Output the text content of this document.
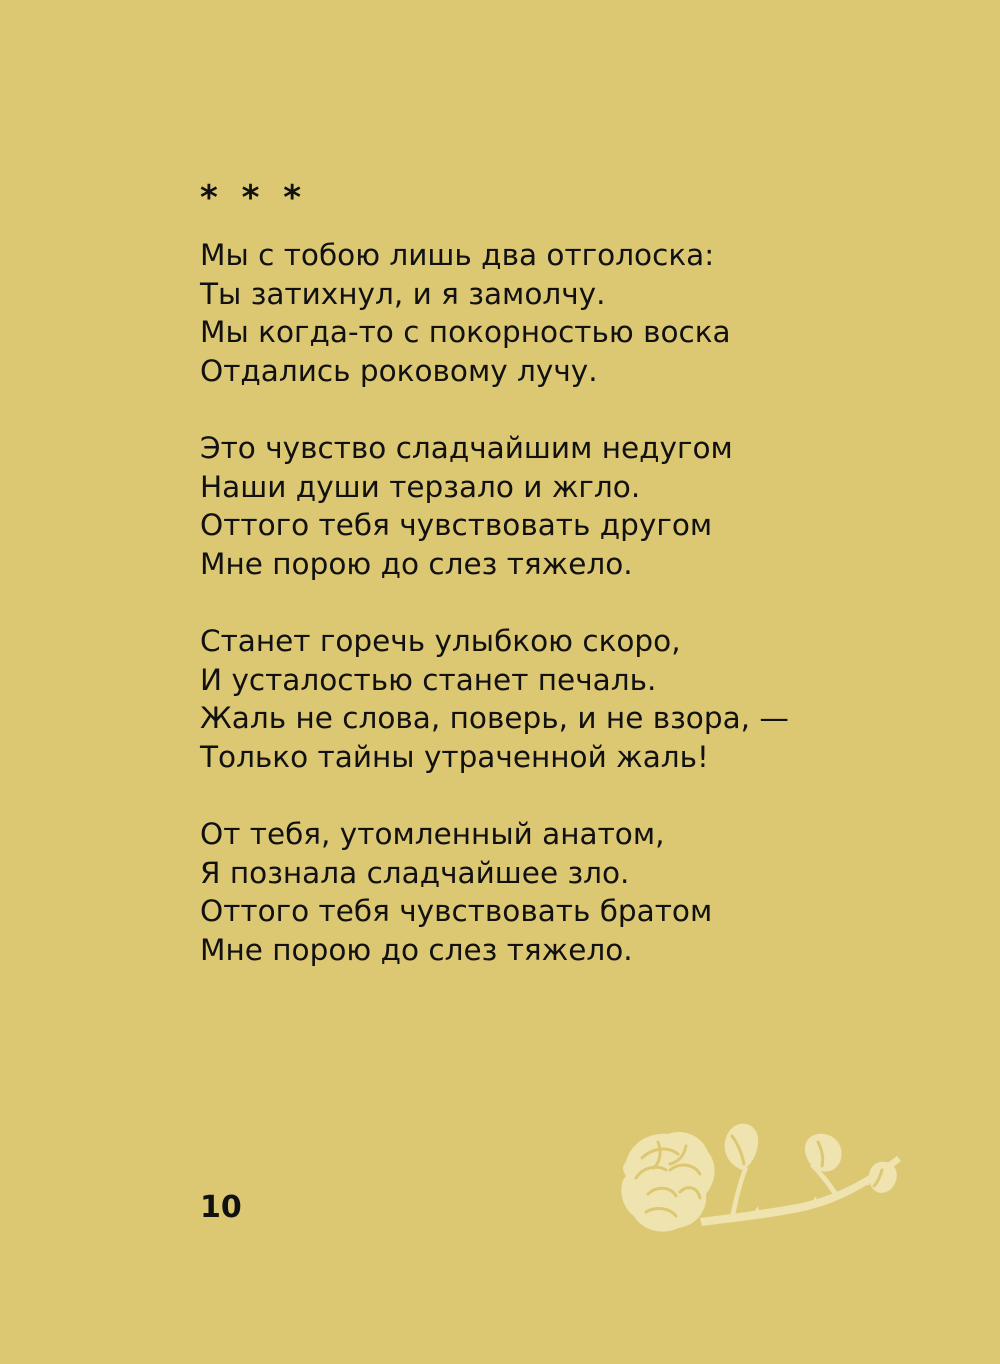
* * *
Мы с тобою лишь два отголоска:
Ты затихнул, и я замолчу.
Мы когда-то с покорностью воска
Отдались роковому лучу.
Это чувство сладчайшим недугом
Наши души терзало и жгло.
Оттого тебя чувствовать другом
Мне порою до слез тяжело.
Станет горечь улыбкою скоро,
И усталостью станет печаль.
Жаль не слова, поверь, и не взора, —
Только тайны утраченной жаль!
От тебя, утомленный анатом,
Я познала сладчайшее зло.
Оттого тебя чувствовать братом
Мне порою до слез тяжело.
10
